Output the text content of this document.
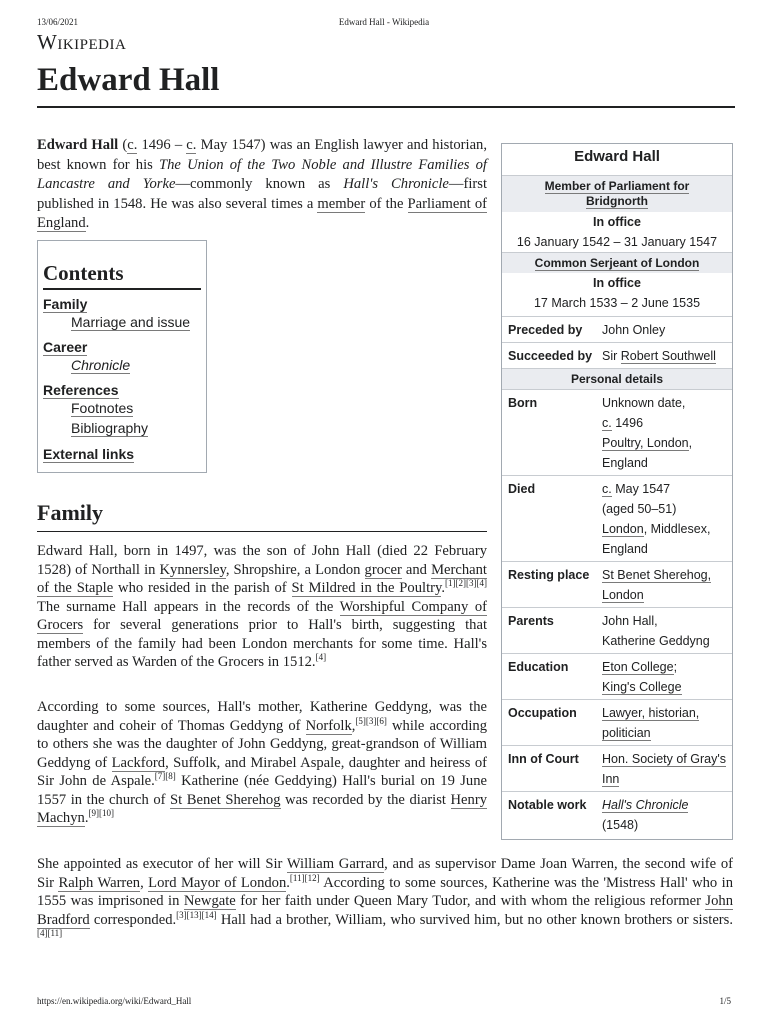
13/06/2021	Edward Hall - Wikipedia
Wikipedia
Edward Hall

Edward Hall (c. 1496 – c. May 1547) was an English lawyer and historian, best known for his The Union of the Two Noble and Illustre Families of Lancastre and Yorke—commonly known as Hall's Chronicle—first published in 1548. He was also several times a member of the Parliament of England.

Contents
Family
Marriage and issue
Career
Chronicle
References
Footnotes
Bibliography
External links
Edward Hall
Member of Parliament for Bridgnorth
In office
16 January 1542 – 31 January 1547
Common Serjeant of London
In office
17 March 1533 – 2 June 1535
Preceded by	John Onley
Succeeded by Sir Robert Southwell
Personal details
Born	Unknown date,
c. 1496
Poultry, London, England
Died	c. May 1547
(aged 50–51)
London, Middlesex, England
Resting place	St Benet Sherehog, London
Parents	John Hall,
Katherine Geddyng
Education	Eton College;
King's College
Occupation	Lawyer, historian, politician
Inn of Court	Hon. Society of Gray's Inn
Notable work	Hall's Chronicle
(1548)
Family

Edward Hall, born in 1497, was the son of John Hall (died 22 February 1528) of Northall in Kynnersley, Shropshire, a London grocer and Merchant of the Staple who resided in the parish of St Mildred in the Poultry.[1][2][3][4] The surname Hall appears in the records of the Worshipful Company of Grocers for several generations prior to Hall's birth, suggesting that members of the family had been London merchants for some time. Hall's father served as Warden of the Grocers in 1512.[4]

According to some sources, Hall's mother, Katherine Geddyng, was the daughter and coheir of Thomas Geddyng of Norfolk,[5][3][6] while according to others she was the daughter of John Geddyng, great-grandson of William Geddyng of Lackford, Suffolk, and Mirabel Aspale, daughter and heiress of Sir John de Aspale.[7][8] Katherine (née Geddying) Hall's burial on 19 June 1557 in the church of St Benet Sherehog was recorded by the diarist Henry Machyn.[9][10]

She appointed as executor of her will Sir William Garrard, and as supervisor Dame Joan Warren, the second wife of Sir Ralph Warren, Lord Mayor of London.[11][12] According to some sources, Katherine was the 'Mistress Hall' who in 1555 was imprisoned in Newgate for her faith under Queen Mary Tudor, and with whom the religious reformer John Bradford corresponded.[3][13][14] Hall had a brother, William, who survived him, but no other known brothers or sisters.[4][11]

https://en.wikipedia.org/wiki/Edward_Hall	1/5
